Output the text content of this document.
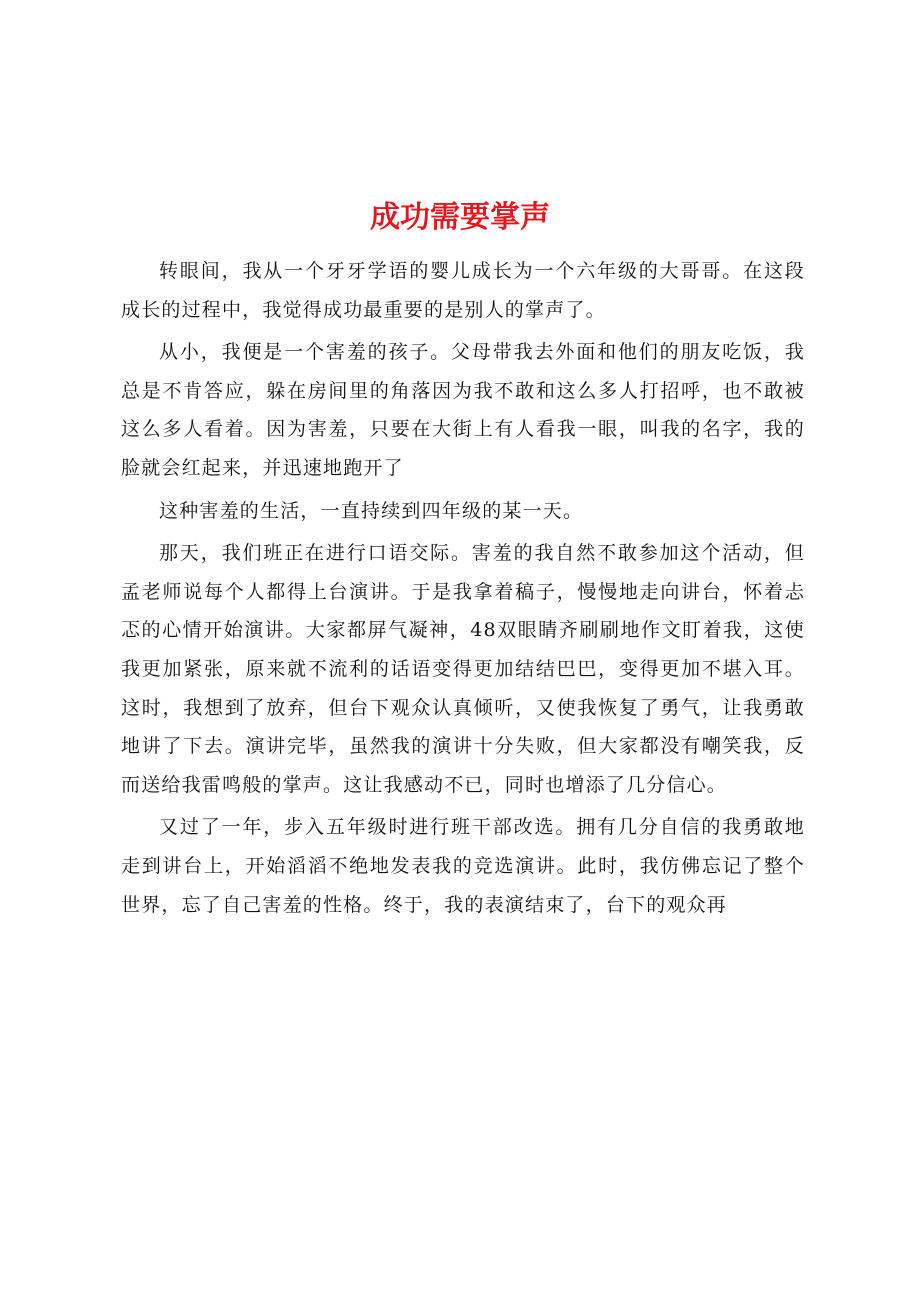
成功需要掌声

转眼间，我从一个牙牙学语的婴儿成长为一个六年级的大哥哥。在这段成长的过程中，我觉得成功最重要的是别人的掌声了。

从小，我便是一个害羞的孩子。父母带我去外面和他们的朋友吃饭，我总是不肯答应，躲在房间里的角落因为我不敢和这么多人打招呼，也不敢被这么多人看着。因为害羞，只要在大街上有人看我一眼，叫我的名字，我的脸就会红起来，并迅速地跑开了

这种害羞的生活，一直持续到四年级的某一天。

那天，我们班正在进行口语交际。害羞的我自然不敢参加这个活动，但孟老师说每个人都得上台演讲。于是我拿着稿子，慢慢地走向讲台，怀着忐忑的心情开始演讲。大家都屏气凝神，48双眼睛齐刷刷地作文盯着我，这使我更加紧张，原来就不流利的话语变得更加结结巴巴，变得更加不堪入耳。这时，我想到了放弃，但台下观众认真倾听，又使我恢复了勇气，让我勇敢地讲了下去。演讲完毕，虽然我的演讲十分失败，但大家都没有嘲笑我，反而送给我雷鸣般的掌声。这让我感动不已，同时也增添了几分信心。

又过了一年，步入五年级时进行班干部改选。拥有几分自信的我勇敢地走到讲台上，开始滔滔不绝地发表我的竞选演讲。此时，我仿佛忘记了整个世界，忘了自己害羞的性格。终于，我的表演结束了，台下的观众再
